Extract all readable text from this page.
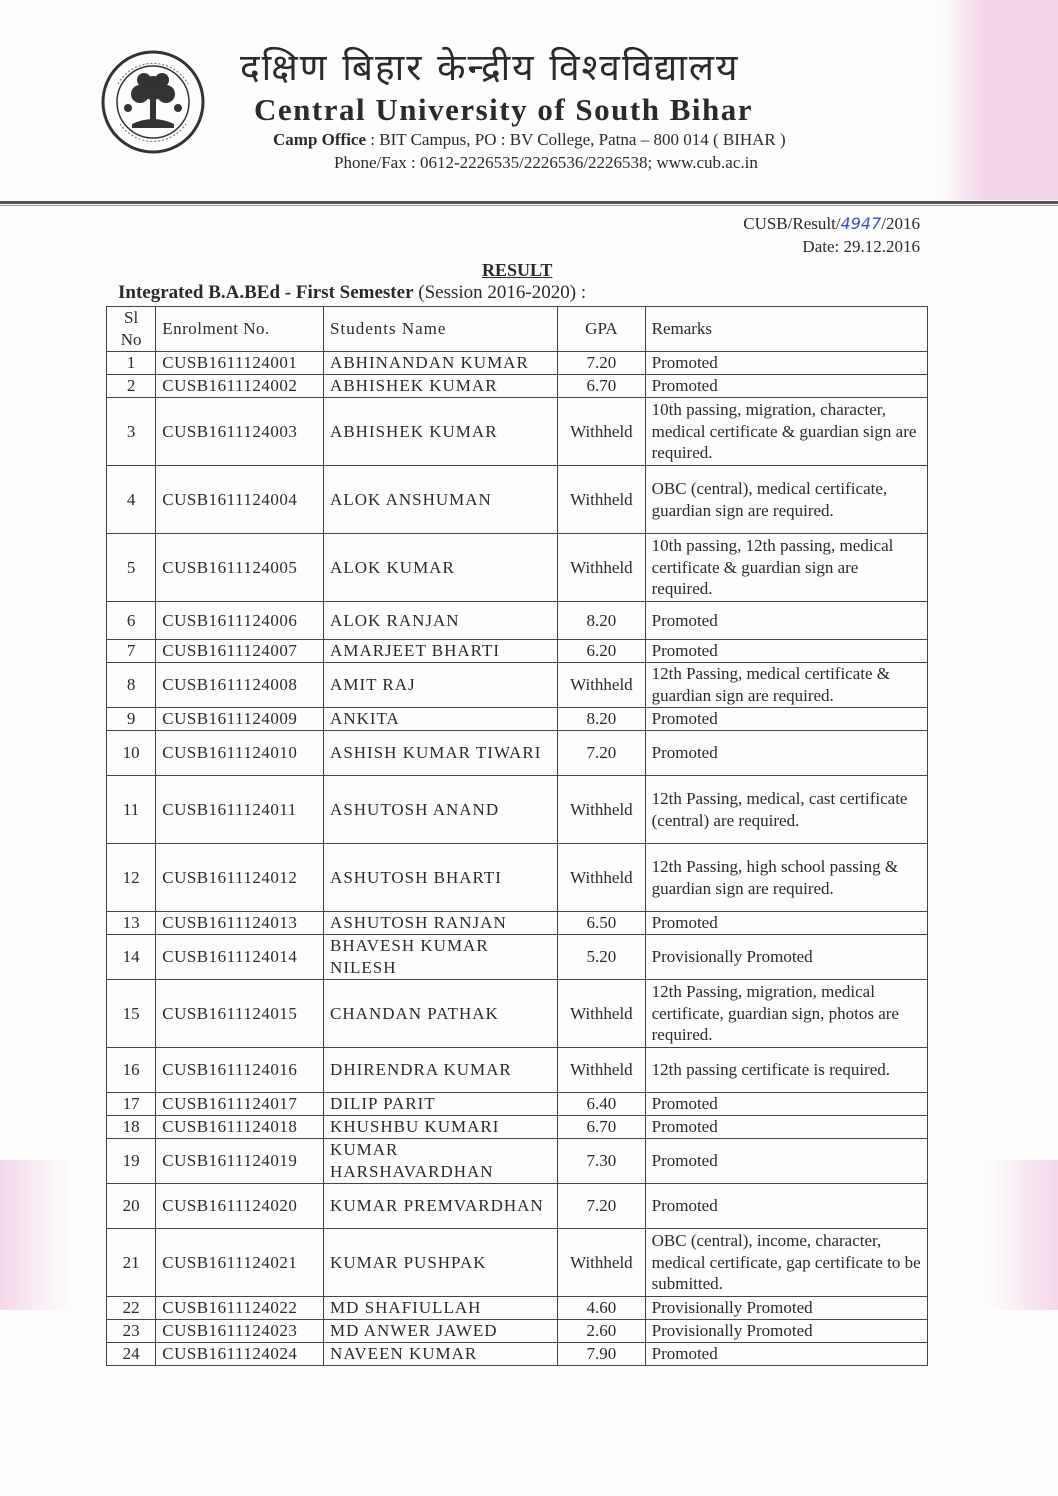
दक्षिण बिहार केन्द्रीय विश्वविद्यालय
Central University of South Bihar
Camp Office : BIT Campus, PO : BV College, Patna – 800 014 ( BIHAR )
Phone/Fax : 0612-2226535/2226536/2226538; www.cub.ac.in
CUSB/Result/4947/2016
Date: 29.12.2016
RESULT
Integrated B.A.BEd - First Semester (Session 2016-2020) :
Sl No	Enrolment No.	Students Name	GPA	Remarks
1	CUSB1611124001	ABHINANDAN KUMAR	7.20	Promoted
2	CUSB1611124002	ABHISHEK KUMAR	6.70	Promoted
3	CUSB1611124003	ABHISHEK KUMAR	Withheld	10th passing, migration, character, medical certificate & guardian sign are required.
4	CUSB1611124004	ALOK ANSHUMAN	Withheld	OBC (central), medical certificate, guardian sign are required.
5	CUSB1611124005	ALOK KUMAR	Withheld	10th passing, 12th passing, medical certificate & guardian sign are required.
6	CUSB1611124006	ALOK RANJAN	8.20	Promoted
7	CUSB1611124007	AMARJEET BHARTI	6.20	Promoted
8	CUSB1611124008	AMIT RAJ	Withheld	12th Passing, medical certificate & guardian sign are required.
9	CUSB1611124009	ANKITA	8.20	Promoted
10	CUSB1611124010	ASHISH KUMAR TIWARI	7.20	Promoted
11	CUSB1611124011	ASHUTOSH ANAND	Withheld	12th Passing, medical, cast certificate (central) are required.
12	CUSB1611124012	ASHUTOSH BHARTI	Withheld	12th Passing, high school passing & guardian sign are required.
13	CUSB1611124013	ASHUTOSH RANJAN	6.50	Promoted
14	CUSB1611124014	BHAVESH KUMAR NILESH	5.20	Provisionally Promoted
15	CUSB1611124015	CHANDAN PATHAK	Withheld	12th Passing, migration, medical certificate, guardian sign, photos are required.
16	CUSB1611124016	DHIRENDRA KUMAR	Withheld	12th passing certificate is required.
17	CUSB1611124017	DILIP PARIT	6.40	Promoted
18	CUSB1611124018	KHUSHBU KUMARI	6.70	Promoted
19	CUSB1611124019	KUMAR HARSHAVARDHAN	7.30	Promoted
20	CUSB1611124020	KUMAR PREMVARDHAN	7.20	Promoted
21	CUSB1611124021	KUMAR PUSHPAK	Withheld	OBC (central), income, character, medical certificate, gap certificate to be submitted.
22	CUSB1611124022	MD SHAFIULLAH	4.60	Provisionally Promoted
23	CUSB1611124023	MD ANWER JAWED	2.60	Provisionally Promoted
24	CUSB1611124024	NAVEEN KUMAR	7.90	Promoted
